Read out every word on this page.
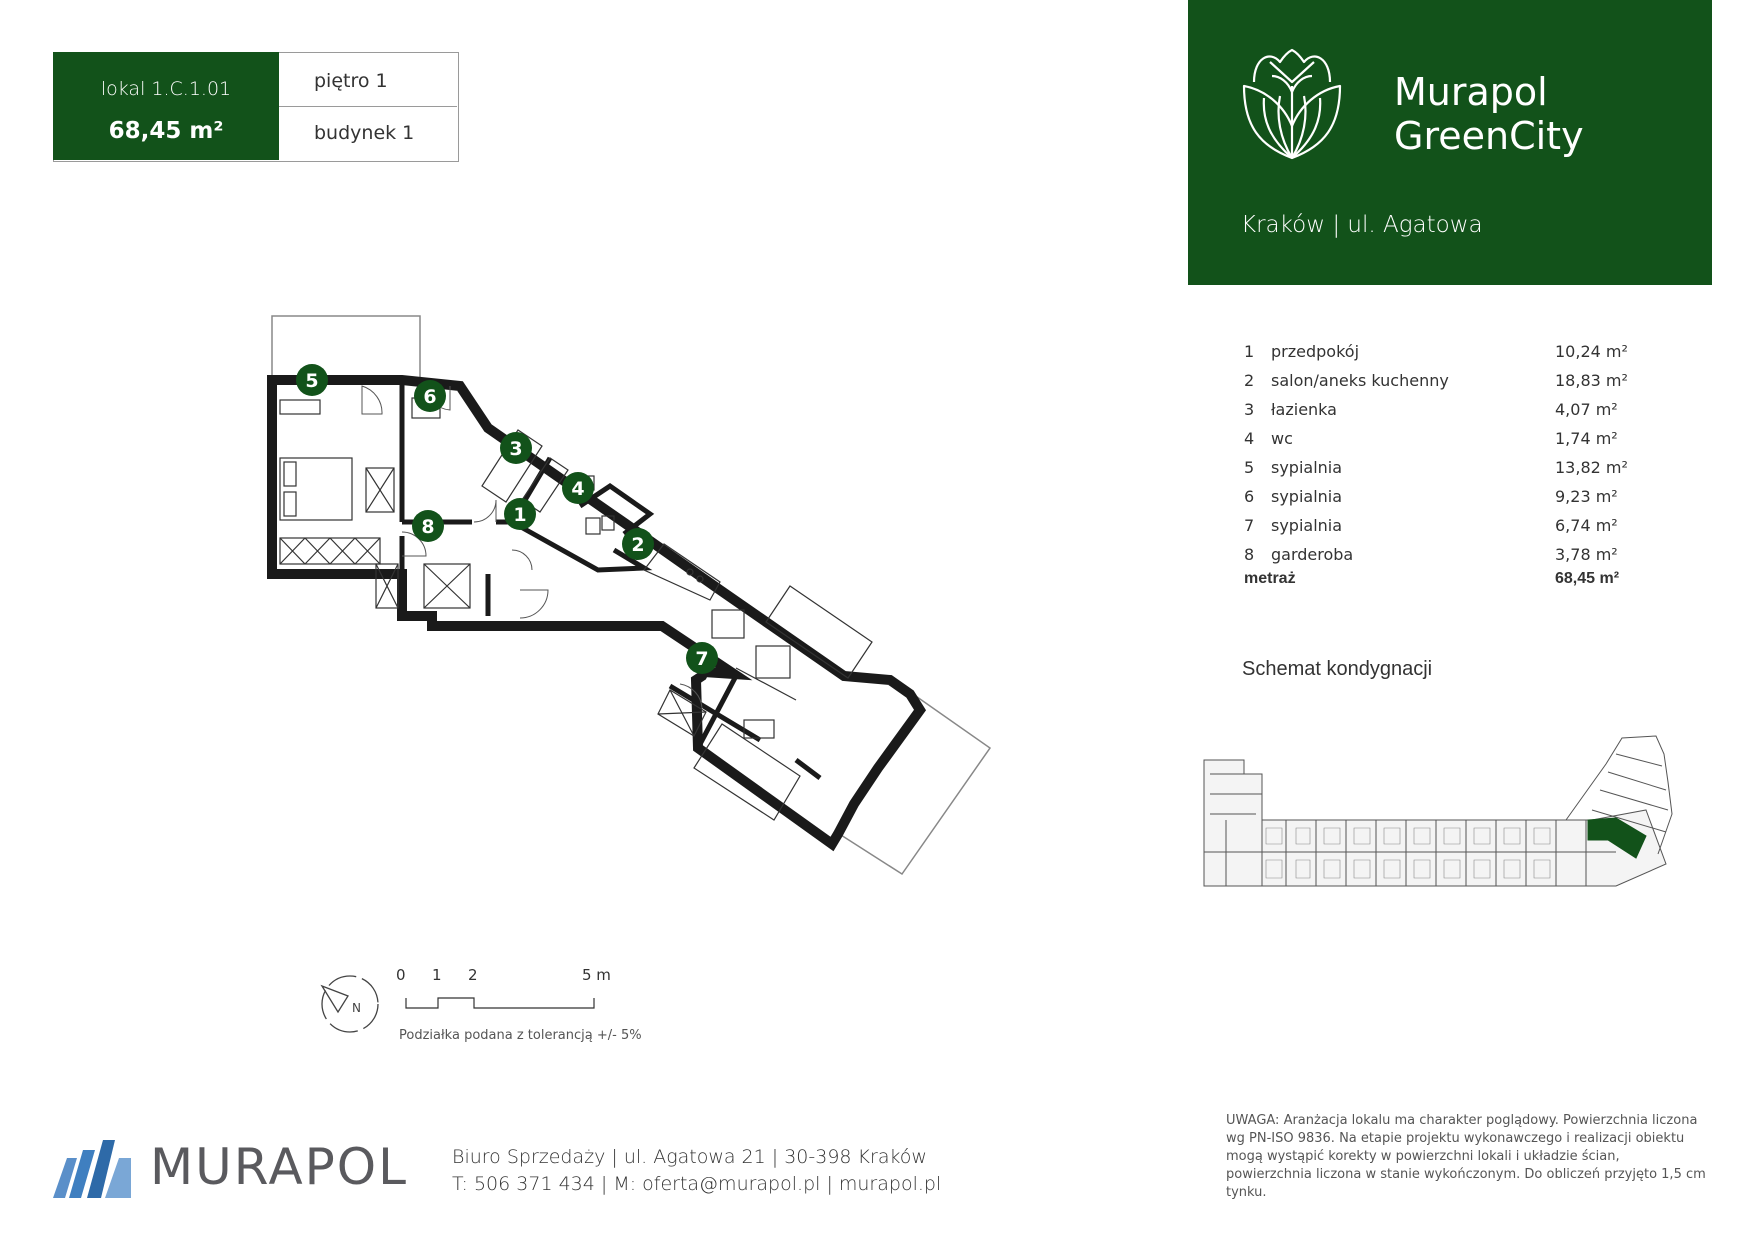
lokal 1.C.1.01
68,45 m²
piętro 1
budynek 1
Murapol
GreenCity
Kraków | ul. Agatowa
1 przedpokój	10,24 m²
2 salon/aneks kuchenny	18,83 m²
3 łazienka	4,07 m²
4 wc	1,74 m²
5 sypialnia	13,82 m²
6 sypialnia	9,23 m²
7 sypialnia	6,74 m²
8 garderoba	3,78 m²
metraż	68,45 m²
Schemat kondygnacji
5
6
3
4
1
8
2
7
N
0 1 2	5 m
Podziałka podana z tolerancją +/- 5%
MURAPOL Biuro Sprzedaży | ul. Agatowa 21 | 30-398 Kraków
T: 506 371 434 | M: oferta@murapol.pl | murapol.pl
UWAGA: Aranżacja lokalu ma charakter poglądowy. Powierzchnia liczona wg PN-ISO 9836. Na etapie projektu wykonawczego i realizacji obiektu mogą wystąpić korekty w powierzchni lokali i układzie ścian, powierzchnia liczona w stanie wykończonym. Do obliczeń przyjęto 1,5 cm tynku.
